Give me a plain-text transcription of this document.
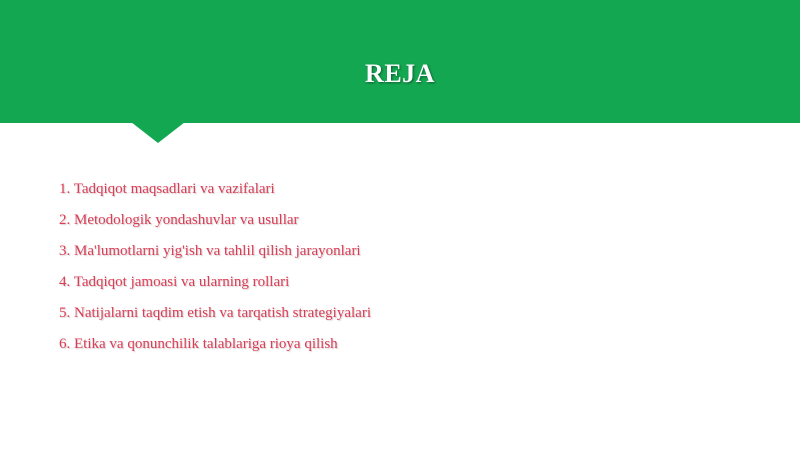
REJA
1. Tadqiqot maqsadlari va vazifalari
2. Metodologik yondashuvlar va usullar
3. Ma'lumotlarni yig'ish va tahlil qilish jarayonlari
4. Tadqiqot jamoasi va ularning rollari
5. Natijalarni taqdim etish va tarqatish strategiyalari
6. Etika va qonunchilik talablariga rioya qilish
